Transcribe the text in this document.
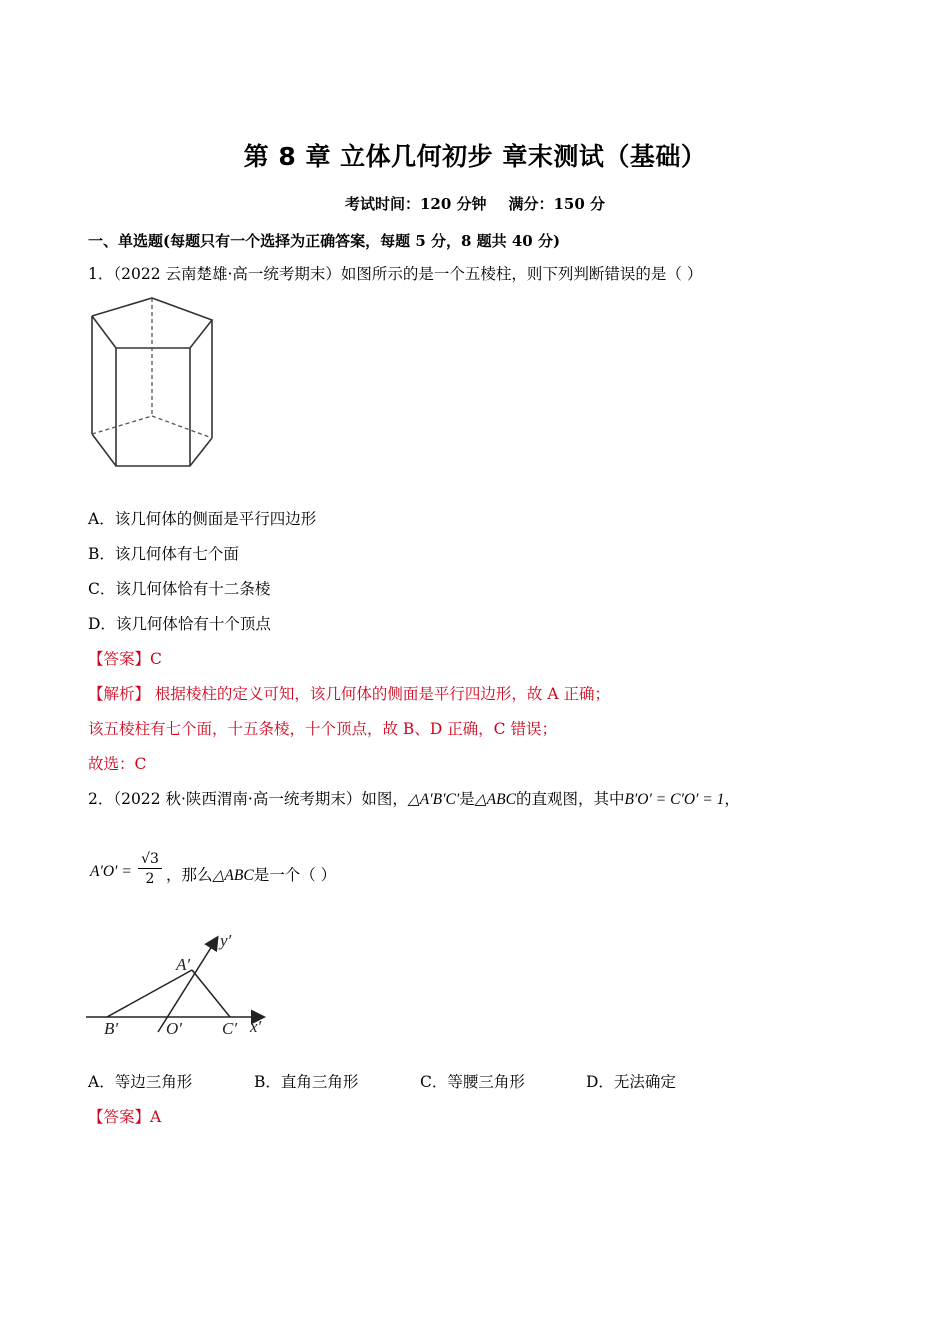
第 8 章 立体几何初步 章末测试（基础）
考试时间：120 分钟 满分：150 分
一、单选题(每题只有一个选择为正确答案，每题 5 分，8 题共 40 分)
1．（2022 云南楚雄·高一统考期末）如图所示的是一个五棱柱，则下列判断错误的是（ ）
A．该几何体的侧面是平行四边形
B．该几何体有七个面
C．该几何体恰有十二条棱
D．该几何体恰有十个顶点
【答案】C
【解析】 根据棱柱的定义可知，该几何体的侧面是平行四边形，故 A 正确；
该五棱柱有七个面，十五条棱，十个顶点，故 B、D 正确，C 错误；
故选：C
2．（2022 秋·陕西渭南·高一统考期末）如图，△A′B′C′是△ABC的直观图，其中B′O′ = C′O′ = 1，
$A'O' = \frac{√3}{2}$ ，那么△ABC是一个（ ）
y′
A′
B′	O′ C′ x′
A．等边三角形	B．直角三角形	C．等腰三角形	D．无法确定
【答案】A
